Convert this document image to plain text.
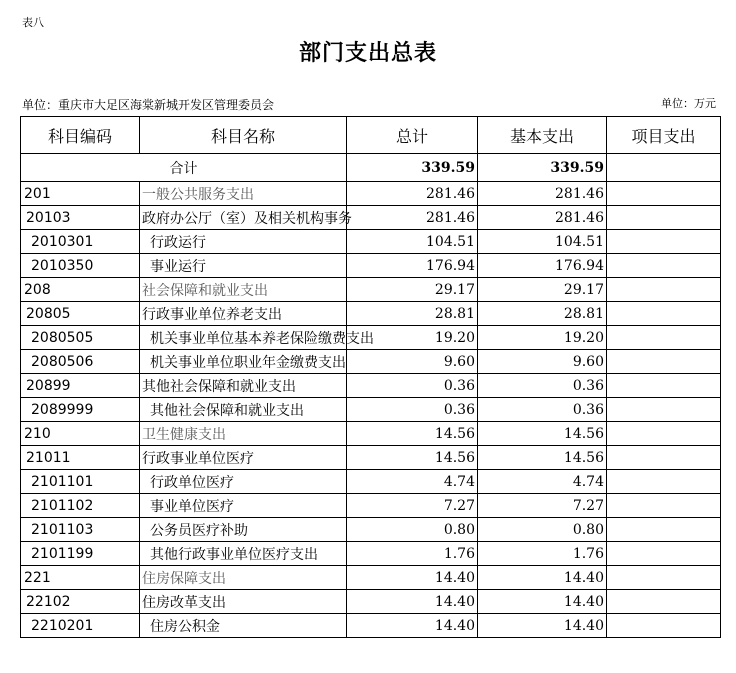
表八
部门支出总表
单位：重庆市大足区海棠新城开发区管理委员会	单位：万元
科目编码	科目名称	总计	基本支出	项目支出
合计		339.59	339.59	
201	一般公共服务支出	281.46	281.46	
20103	政府办公厅（室）及相关机构事务	281.46	281.46	
2010301	行政运行	104.51	104.51	
2010350	事业运行	176.94	176.94	
208	社会保障和就业支出	29.17	29.17	
20805	行政事业单位养老支出	28.81	28.81	
2080505	机关事业单位基本养老保险缴费支出	19.20	19.20	
2080506	机关事业单位职业年金缴费支出	9.60	9.60	
20899	其他社会保障和就业支出	0.36	0.36	
2089999	其他社会保障和就业支出	0.36	0.36	
210	卫生健康支出	14.56	14.56	
21011	行政事业单位医疗	14.56	14.56	
2101101	行政单位医疗	4.74	4.74	
2101102	事业单位医疗	7.27	7.27	
2101103	公务员医疗补助	0.80	0.80	
2101199	其他行政事业单位医疗支出	1.76	1.76	
221	住房保障支出	14.40	14.40	
22102	住房改革支出	14.40	14.40	
2210201	住房公积金	14.40	14.40	
